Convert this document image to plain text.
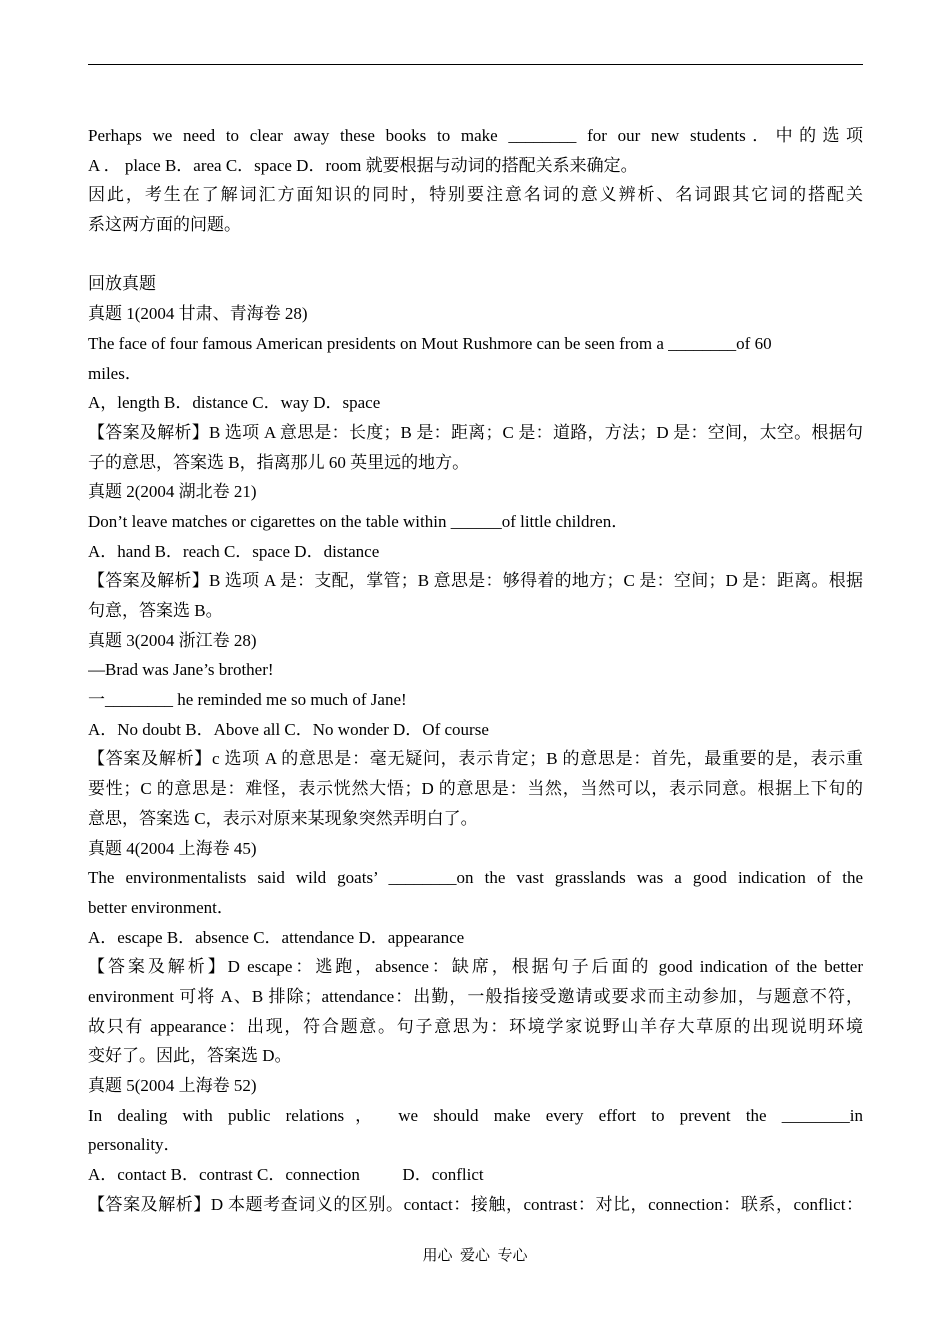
Perhaps we need to clear away these books to make ________ for our new students．中的选项
A ． place B．area C．space D．room 就要根据与动词的搭配关系来确定。
因此，考生在了解词汇方面知识的同时，特别要注意名词的意义辨析、名词跟其它词的搭配关
系这两方面的问题。
回放真题
真题 1(2004 甘肃、青海卷 28)
The face of four famous American presidents on Mout Rushmore can be seen from a ________of 60
miles．
A，length B．distance C．way D．space
【答案及解析】B 选项 A 意思是：长度；B 是：距离；C 是：道路，方法；D 是：空间，太空。根据句
子的意思，答案选 B，指离那儿 60 英里远的地方。
真题 2(2004 湖北卷 21)
Don’t leave matches or cigarettes on the table within ______of little children．
A．hand B．reach C．space D．distance
【答案及解析】B 选项 A 是：支配，掌管；B 意思是：够得着的地方；C 是：空间；D 是：距离。根据
句意，答案选 B。
真题 3(2004 浙江卷 28)
—Brad was Jane’s brother!
一________ he reminded me so much of Jane!
A．No doubt B．Above all C．No wonder D．Of course
【答案及解析】c 选项 A 的意思是：毫无疑问，表示肯定；B 的意思是：首先，最重要的是，表示重
要性；C 的意思是：难怪，表示恍然大悟；D 的意思是：当然，当然可以，表示同意。根据上下旬的
意思，答案选 C，表示对原来某现象突然弄明白了。
真题 4(2004 上海卷 45)
The environmentalists said wild goats’ ________on the vast grasslands was a good indication of the
better environment．
A．escape B．absence C．attendance D．appearance
【答案及解析】D escape：逃跑，absence：缺席，根据句子后面的 good indication of the better
environment 可将 A、B 排除；attendance：出勤，一般指接受邀请或要求而主动参加，与题意不符，
故只有 appearance：出现，符合题意。句子意思为：环境学家说野山羊存大草原的出现说明环境
变好了。因此，答案选 D。
真题 5(2004 上海卷 52)
In dealing with public relations， we should make every effort to prevent the ________in
personality．
A．contact B．contrast C．connection          D．conflict
【答案及解析】D 本题考查词义的区别。contact：接触，contrast：对比，connection：联系，conflict：
用心  爱心  专心
